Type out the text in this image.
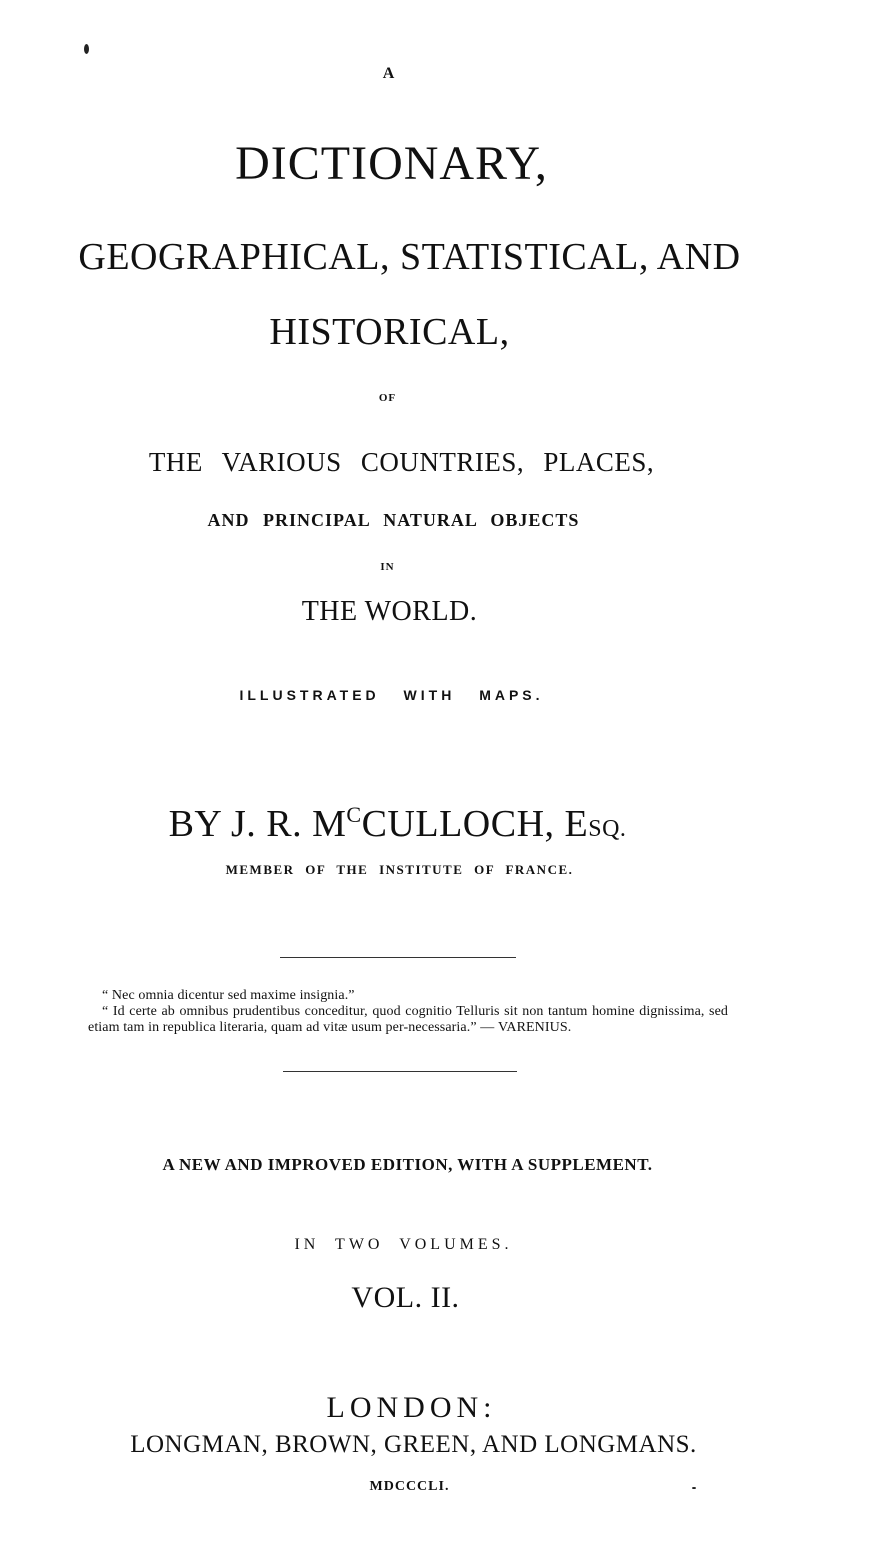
A
DICTIONARY,
GEOGRAPHICAL, STATISTICAL, AND
HISTORICAL,
OF
THE VARIOUS COUNTRIES, PLACES,
AND PRINCIPAL NATURAL OBJECTS
IN
THE WORLD.
ILLUSTRATED WITH MAPS.
BY J. R. $M^CCULLOCH$, ESQ.
MEMBER OF THE INSTITUTE OF FRANCE.

“ Nec omnia dicentur sed maxime insignia.”

“ Id certe ab omnibus prudentibus conceditur, quod cognitio Telluris sit non tantum homine dignissima, sed etiam tam in republica literaria, quam ad vitæ usum per-necessaria.” — VARENIUS.

A NEW AND IMPROVED EDITION, WITH A SUPPLEMENT.
IN TWO VOLUMES.
VOL. II.
LONDON:
LONGMAN, BROWN, GREEN, AND LONGMANS.
MDCCCLI.
